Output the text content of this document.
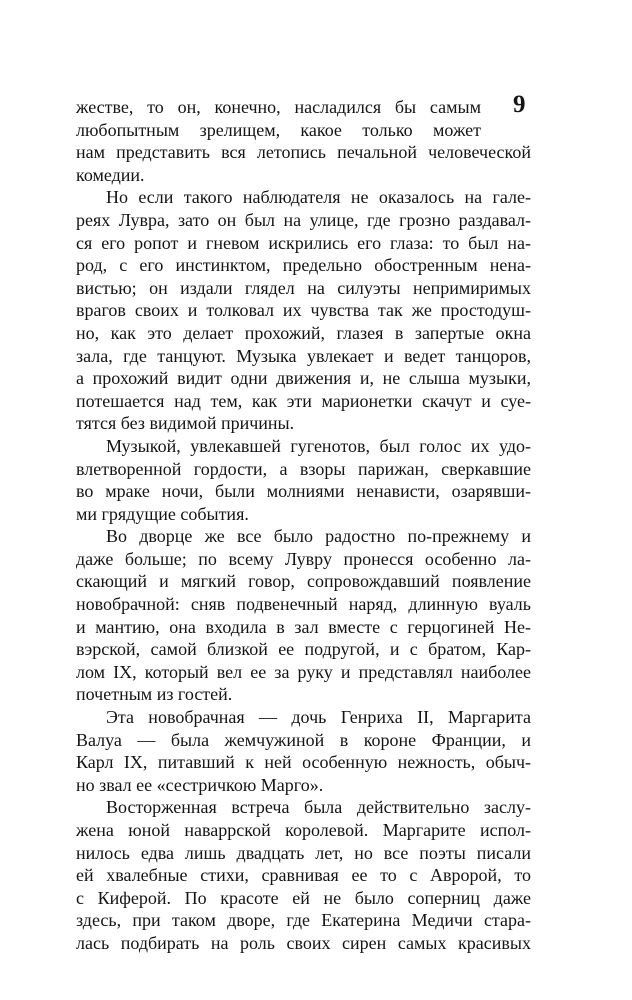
9
жестве, то он, конечно, насладился бы самым
любопытным зрелищем, какое только может
нам представить вся летопись печальной человеческой
комедии.
Но если такого наблюдателя не оказалось на гале-
реях Лувра, зато он был на улице, где грозно раздавал-
ся его ропот и гневом искрились его глаза: то был на-
род, с его инстинктом, предельно обостренным нена-
вистью; он издали глядел на силуэты непримиримых
врагов своих и толковал их чувства так же простодуш-
но, как это делает прохожий, глазея в запертые окна
зала, где танцуют. Музыка увлекает и ведет танцоров,
а прохожий видит одни движения и, не слыша музыки,
потешается над тем, как эти марионетки скачут и суе-
тятся без видимой причины.
Музыкой, увлекавшей гугенотов, был голос их удо-
влетворенной гордости, а взоры парижан, сверкавшие
во мраке ночи, были молниями ненависти, озарявши-
ми грядущие события.
Во дворце же все было радостно по-прежнему и
даже больше; по всему Лувру пронесся особенно ла-
скающий и мягкий говор, сопровождавший появление
новобрачной: сняв подвенечный наряд, длинную вуаль
и мантию, она входила в зал вместе с герцогиней Не-
вэрской, самой близкой ее подругой, и с братом, Кар-
лом IX, который вел ее за руку и представлял наиболее
почетным из гостей.
Эта новобрачная — дочь Генриха II, Маргарита
Валуа — была жемчужиной в короне Франции, и
Карл IX, питавший к ней особенную нежность, обыч-
но звал ее «сестричкою Марго».
Восторженная встреча была действительно заслу-
жена юной наваррской королевой. Маргарите испол-
нилось едва лишь двадцать лет, но все поэты писали
ей хвалебные стихи, сравнивая ее то с Авророй, то
с Киферой. По красоте ей не было соперниц даже
здесь, при таком дворе, где Екатерина Медичи стара-
лась подбирать на роль своих сирен самых красивых
